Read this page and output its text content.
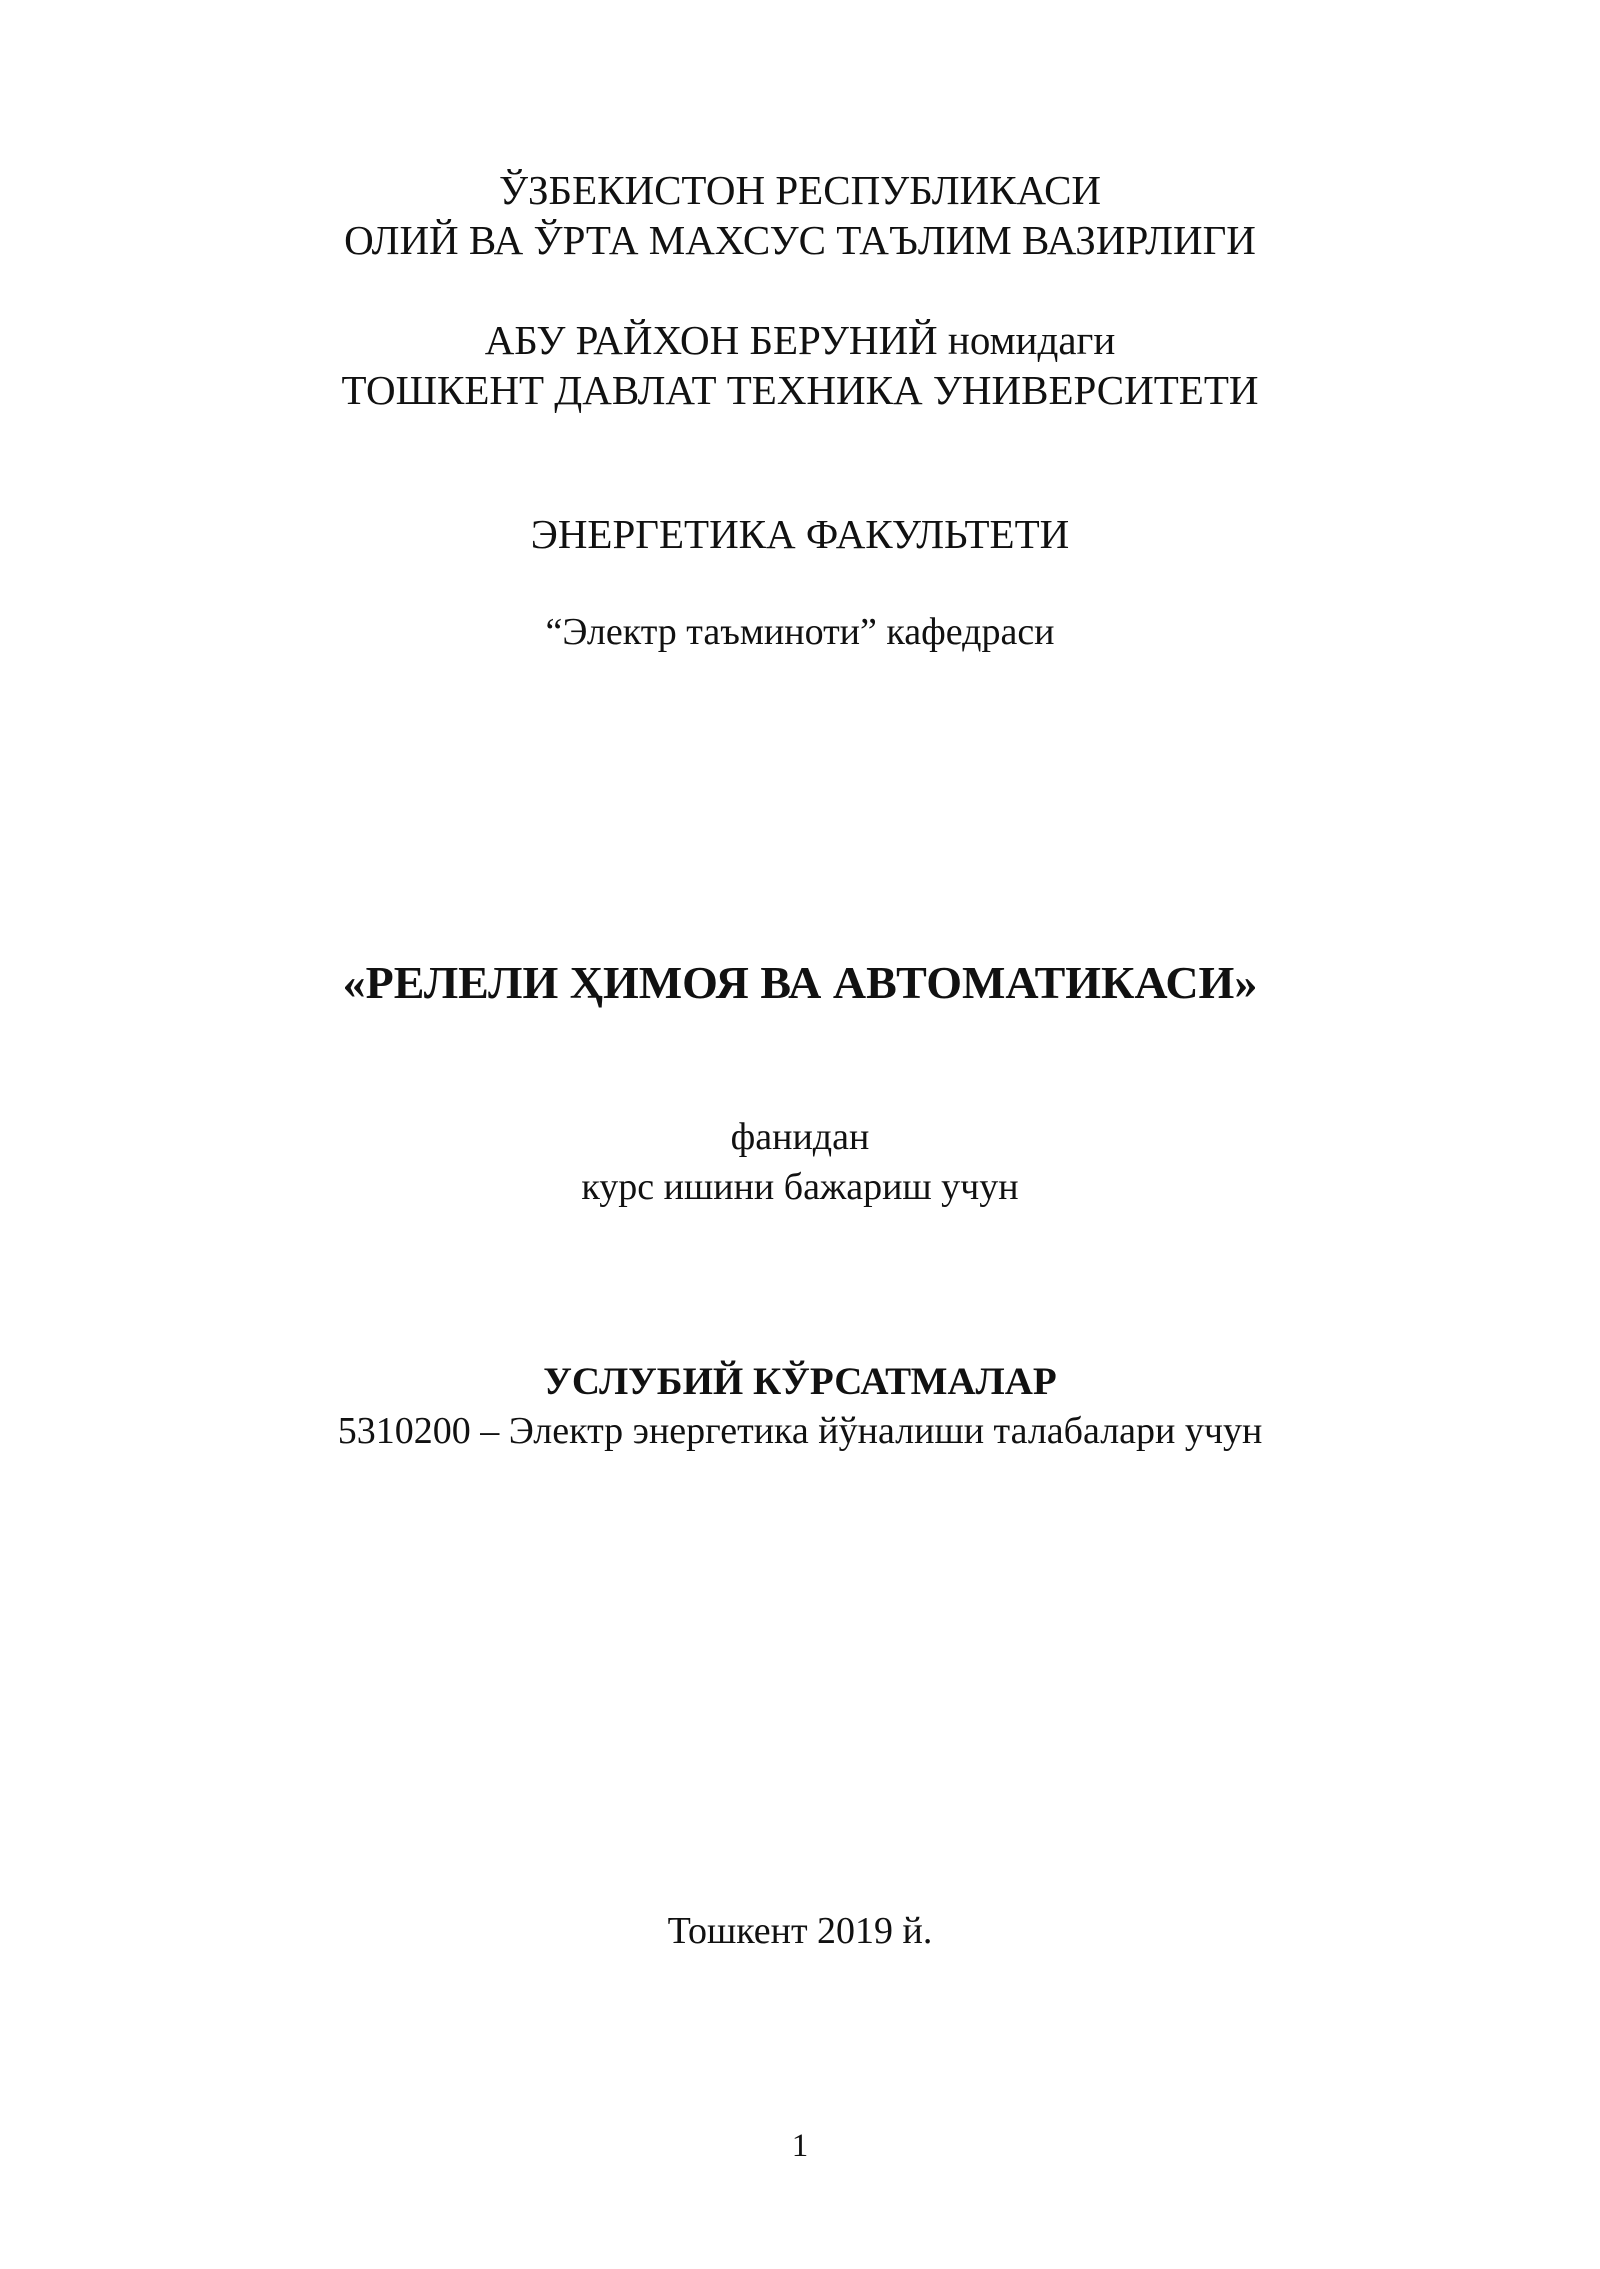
ЎЗБЕКИСТОН РЕСПУБЛИКАСИ
ОЛИЙ ВА ЎРТА МАХСУС ТАЪЛИМ ВАЗИРЛИГИ
АБУ РАЙХОН БЕРУНИЙ номидаги
ТОШКЕНТ ДАВЛАТ ТЕХНИКА УНИВЕРСИТЕТИ
ЭНЕРГЕТИКА ФАКУЛЬТЕТИ
“Электр таъминоти” кафедраси
«РЕЛЕЛИ ҲИМОЯ ВА АВТОМАТИКАСИ»
фанидан
курс ишини бажариш учун
УСЛУБИЙ КЎРСАТМАЛАР
5310200 – Электр энергетика йўналиши талабалари учун
Тошкент 2019 й.
1
